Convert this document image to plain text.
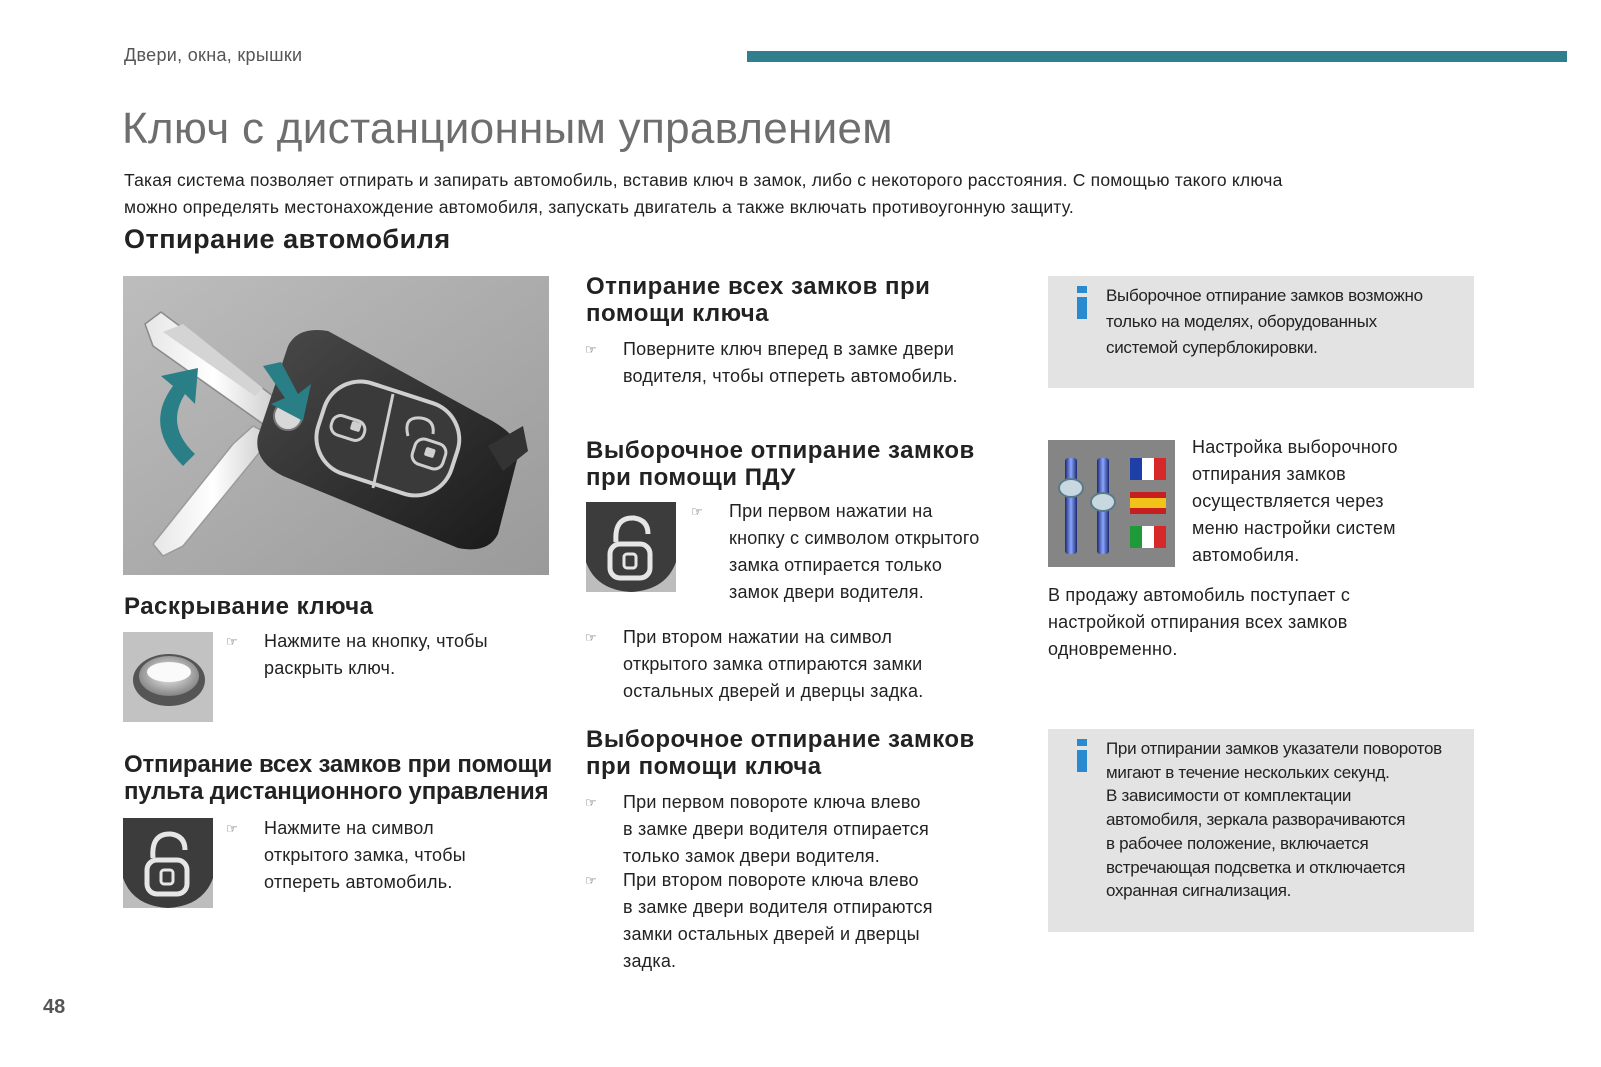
Двери, окна, крышки
Ключ с дистанционным управлением
Такая система позволяет отпирать и запирать автомобиль, вставив ключ в замок, либо с некоторого расстояния. С помощью такого ключа
можно определять местонахождение автомобиля, запускать двигатель а также включать противоугонную защиту.
Отпирание автомобиля
Раскрывание ключа
☞ Нажмите на кнопку, чтобы
раскрыть ключ.
Отпирание всех замков при помощи
пульта дистанционного управления
☞ Нажмите на символ
открытого замка, чтобы
отпереть автомобиль.
Отпирание всех замков при
помощи ключа
☞ Поверните ключ вперед в замке двери
водителя, чтобы отпереть автомобиль.
Выборочное отпирание замков
при помощи ПДУ
☞ При первом нажатии на
кнопку с символом открытого
замка отпирается только
замок двери водителя.
☞ При втором нажатии на символ
открытого замка отпираются замки
остальных дверей и дверцы задка.
Выборочное отпирание замков
при помощи ключа
☞ При первом повороте ключа влево
в замке двери водителя отпирается
только замок двери водителя.
☞ При втором повороте ключа влево
в замке двери водителя отпираются
замки остальных дверей и дверцы
задка.
Выборочное отпирание замков возможно
только на моделях, оборудованных
системой суперблокировки.
Настройка выборочного
отпирания замков
осуществляется через
меню настройки систем
автомобиля.
В продажу автомобиль поступает с
настройкой отпирания всех замков
одновременно.
При отпирании замков указатели поворотов
мигают в течение нескольких секунд.
В зависимости от комплектации
автомобиля, зеркала разворачиваются
в рабочее положение, включается
встречающая подсветка и отключается
охранная сигнализация.
48
